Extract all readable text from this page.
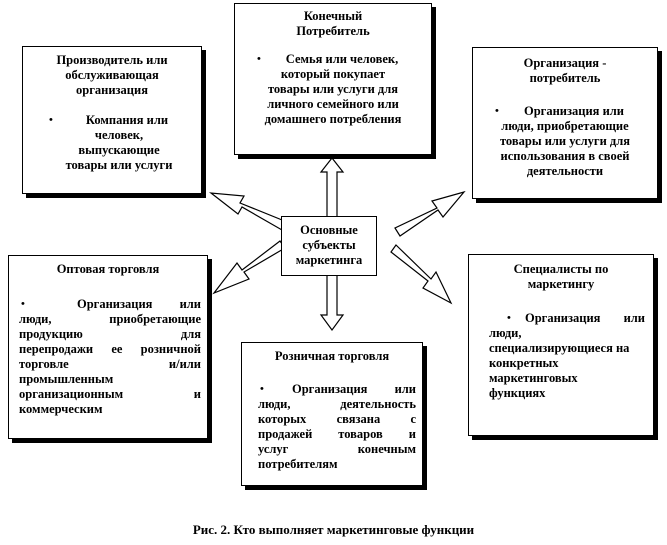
Основные
субъекты
маркетинга
Конечный
Потребитель
•	Семья или человек,
который покупает
товары или услуги для
личного семейного или
домашнего потребления
Производитель или
обслуживающая
организация
•	Компания или
человек,
выпускающие
товары или услуги
Организация -
потребитель
•	Организация или
люди, приобретающие
товары или услуги для
использования в своей
деятельности
Оптовая торговля
•	Организация или
люди, приобретающие
продукцию для
перепродажи ее розничной
торговле и/или
промышленным
организационным и
коммерческим
Специалисты по
маркетингу
•	Организация или
люди,
специализирующиеся на
конкретных
маркетинговых
функциях
Розничная торговля
•	Организация или
люди, деятельность
которых связана с
продажей товаров и
услуг конечным
потребителям
Рис. 2. Кто выполняет маркетинговые функции
